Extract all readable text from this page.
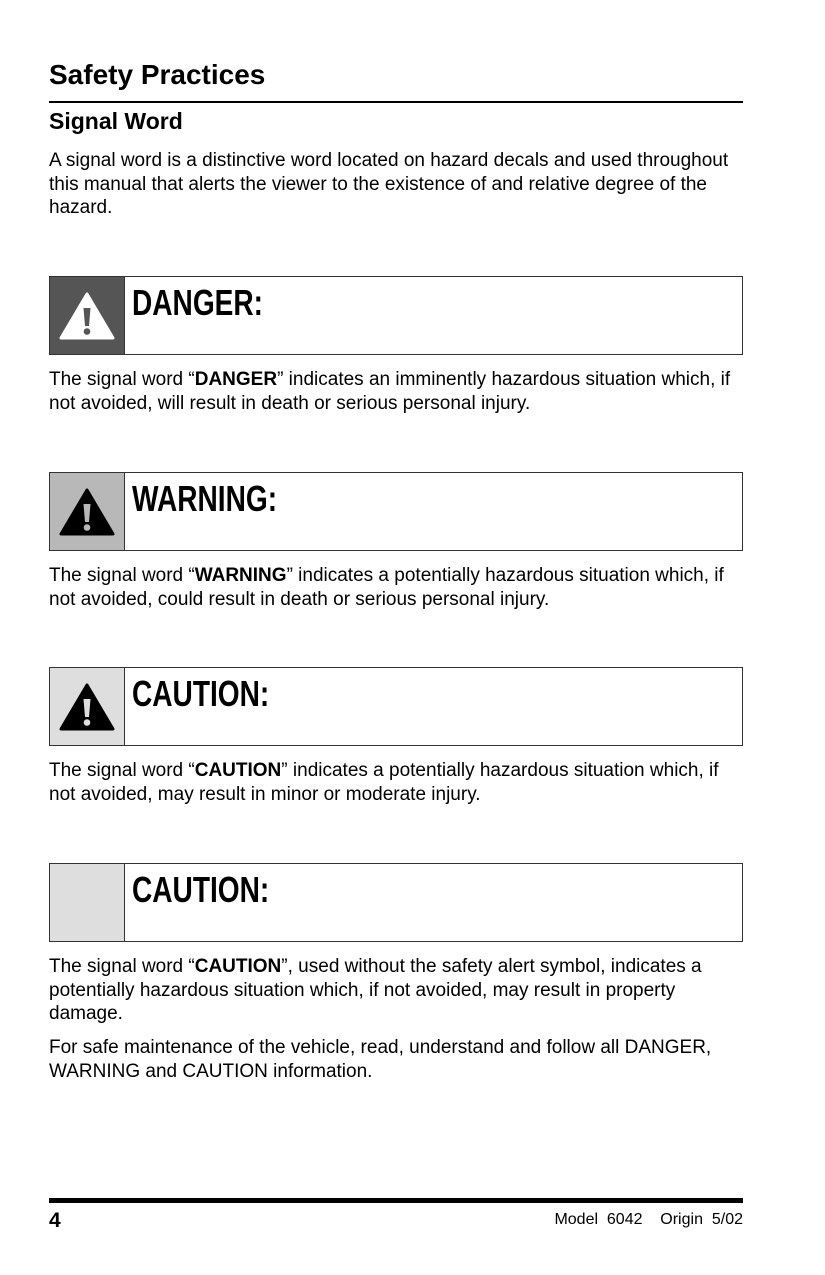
Safety Practices
Signal Word

A signal word is a distinctive word located on hazard decals and used throughout this manual that alerts the viewer to the existence of and relative degree of the hazard.

DANGER:

The signal word “DANGER” indicates an imminently hazardous situation which, if not avoided, will result in death or serious personal injury.

WARNING:

The signal word “WARNING” indicates a potentially hazardous situation which, if not avoided, could result in death or serious personal injury.

CAUTION:

The signal word “CAUTION” indicates a potentially hazardous situation which, if not avoided, may result in minor or moderate injury.

CAUTION:

The signal word “CAUTION”, used without the safety alert symbol, indicates a potentially hazardous situation which, if not avoided, may result in property damage.

For safe maintenance of the vehicle, read, understand and follow all DANGER, WARNING and CAUTION information.

4	Model  6042    Origin  5/02
